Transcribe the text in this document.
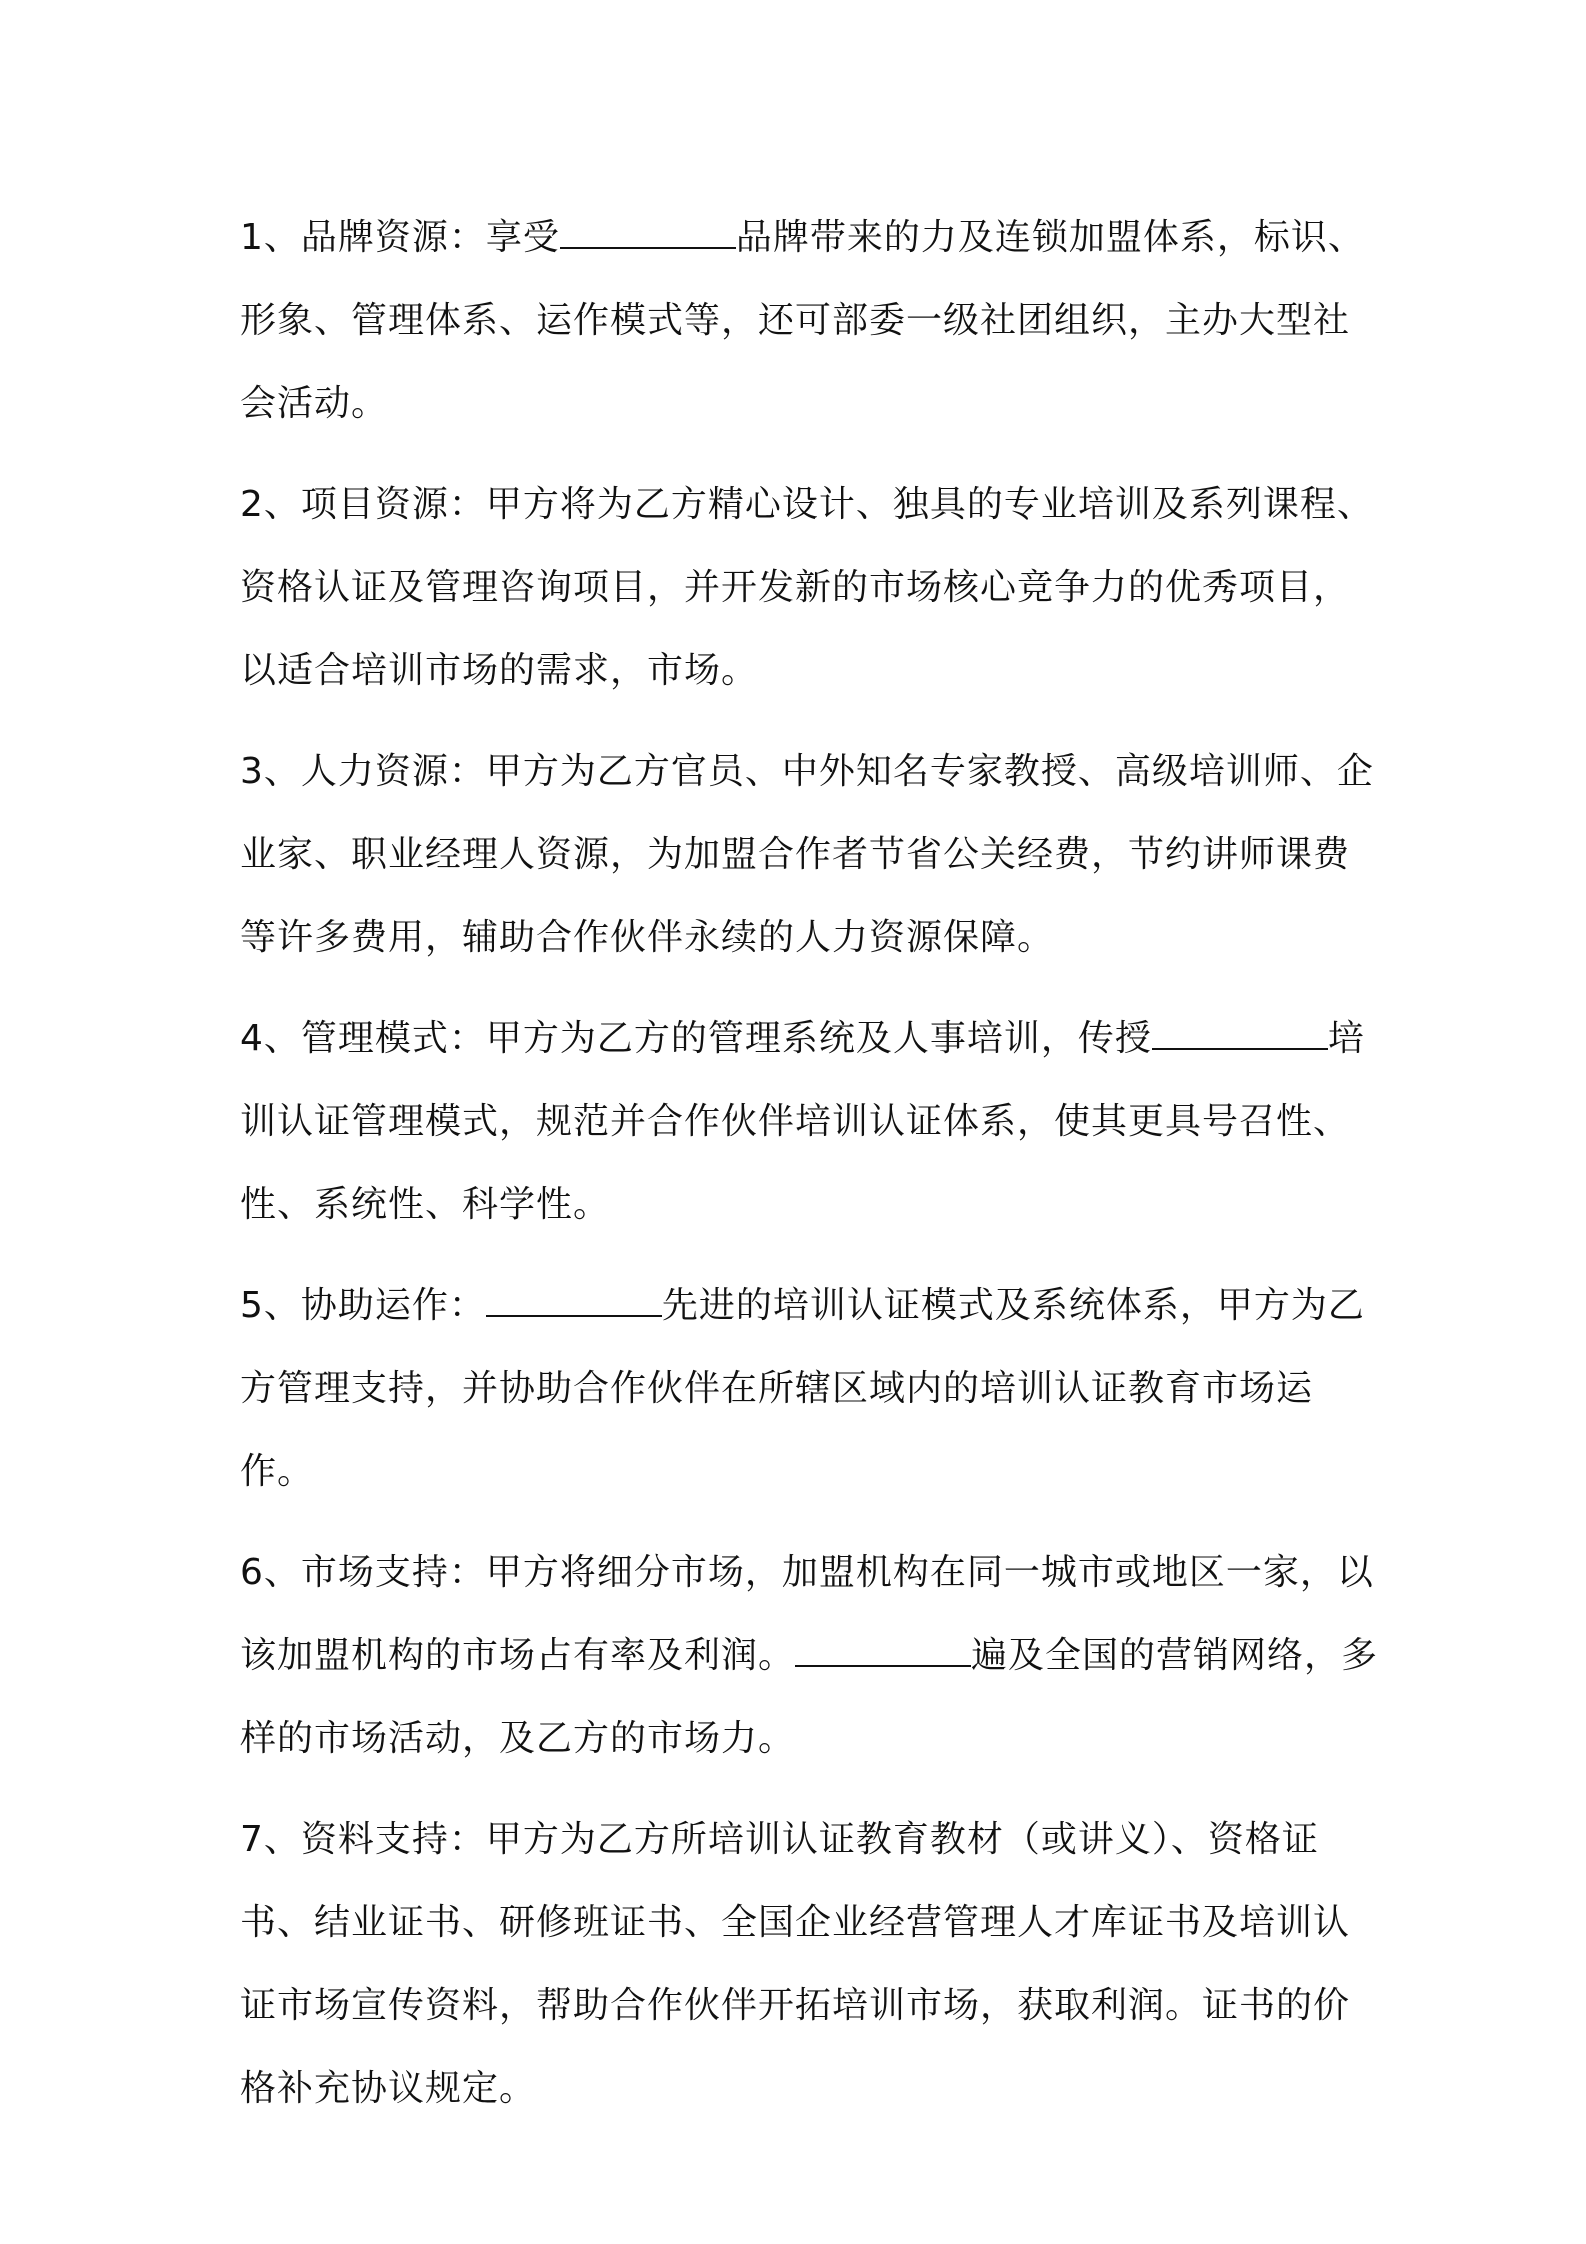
1、品牌资源：享受	品牌带来的力及连锁加盟体系，标识、形象、管理体系、运作模式等，还可部委一级社团组织，主办大型社会活动。

2、项目资源：甲方将为乙方精心设计、独具的专业培训及系列课程、资格认证及管理咨询项目，并开发新的市场核心竞争力的优秀项目，以适合培训市场的需求，市场。

3、人力资源：甲方为乙方官员、中外知名专家教授、高级培训师、企业家、职业经理人资源，为加盟合作者节省公关经费，节约讲师课费等许多费用，辅助合作伙伴永续的人力资源保障。

4、管理模式：甲方为乙方的管理系统及人事培训，传授	培训认证管理模式，规范并合作伙伴培训认证体系，使其更具号召性、性、系统性、科学性。

5、协助运作：	先进的培训认证模式及系统体系，甲方为乙方管理支持，并协助合作伙伴在所辖区域内的培训认证教育市场运作。

6、市场支持：甲方将细分市场，加盟机构在同一城市或地区一家，以该加盟机构的市场占有率及利润。	遍及全国的营销网络，多样的市场活动，及乙方的市场力。

7、资料支持：甲方为乙方所培训认证教育教材（或讲义）、资格证书、结业证书、研修班证书、全国企业经营管理人才库证书及培训认证市场宣传资料，帮助合作伙伴开拓培训市场，获取利润。证书的价格补充协议规定。
